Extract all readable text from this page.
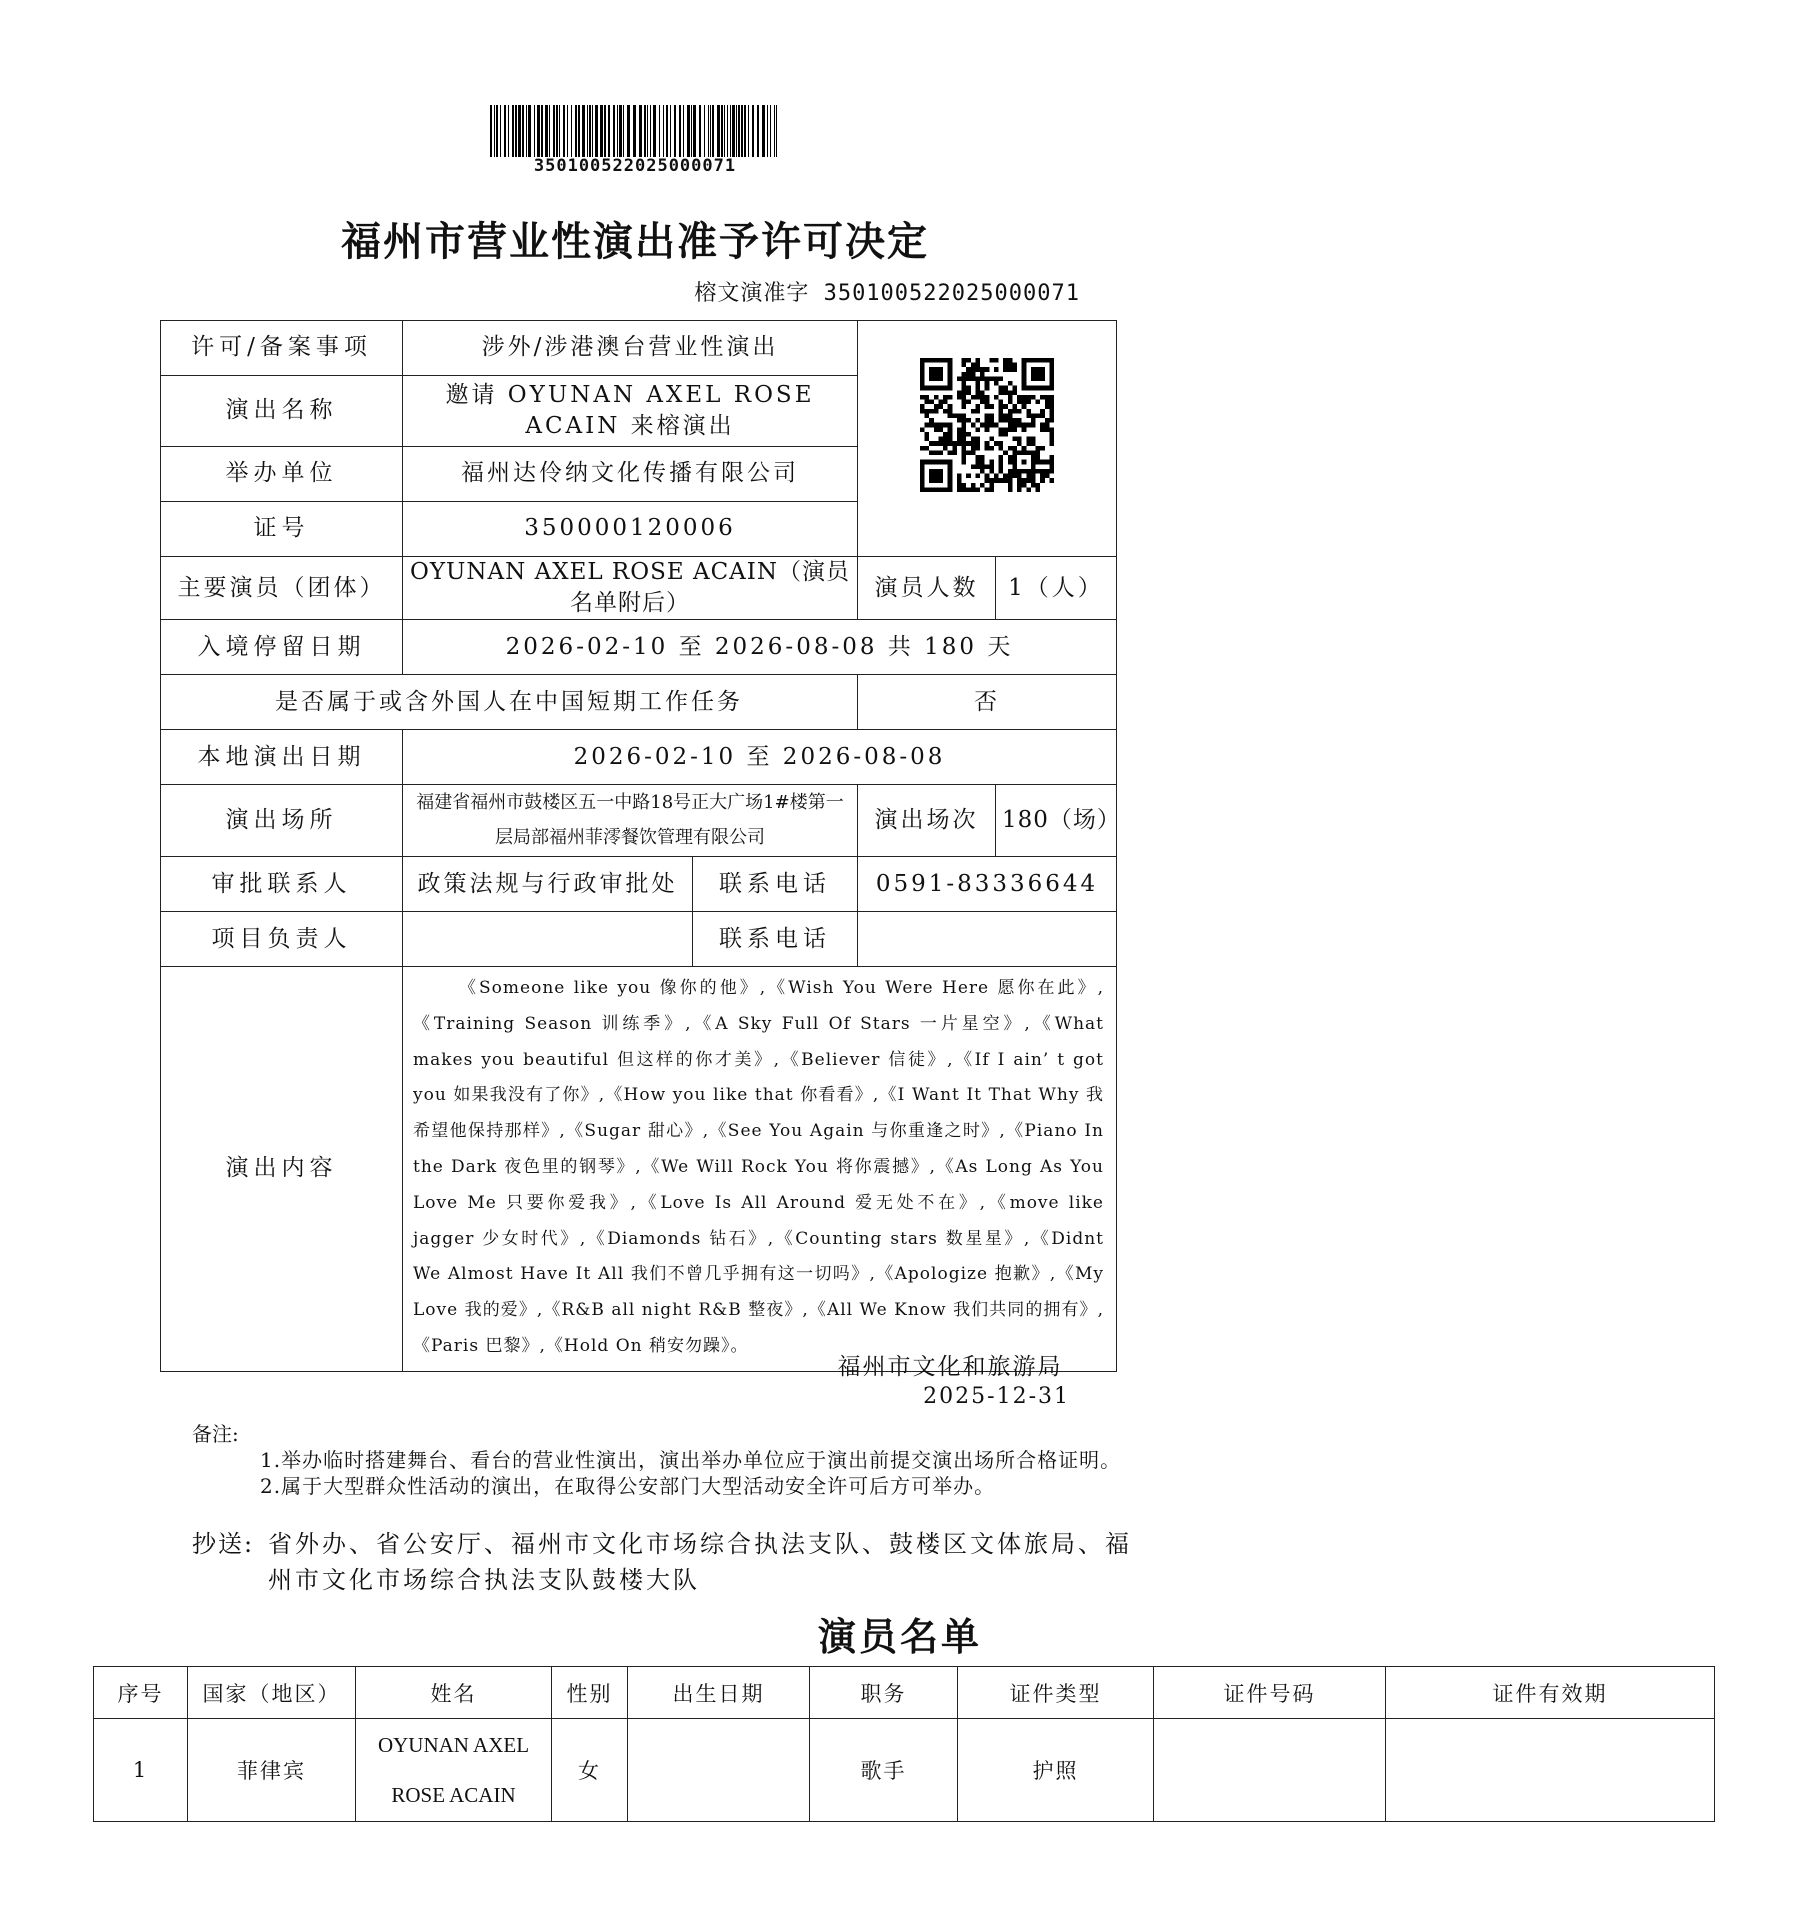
350100522025000071
福州市营业性演出准予许可决定
榕文演准字 350100522025000071
许可/备案事项	涉外/涉港澳台营业性演出	

演出名称	邀请 OYUNAN AXEL ROSE ACAIN 来榕演出			
举办单位	福州达伶纳文化传播有限公司			
证号	350000120006			
主要演员（团体）	OYUNAN AXEL ROSE ACAIN（演员名单附后）		演员人数	1（人）
入境停留日期	2026-02-10 至 2026-08-08 共 180 天			
是否属于或含外国人在中国短期工作任务			否	
本地演出日期	2026-02-10 至 2026-08-08			
演出场所	福建省福州市鼓楼区五一中路18号正大广场1#楼第一层局部福州菲澪餐饮管理有限公司		演出场次	180（场）
审批联系人	政策法规与行政审批处	联系电话	0591-83336644	
项目负责人		联系电话		
演出内容	《Someone like you 像你的他》,《Wish You Were Here 愿你在此》,《Training Season 训练季》,《A Sky Full Of Stars 一片星空》,《What makes you beautiful 但这样的你才美》,《Believer 信徒》,《If I ain’ t got you 如果我没有了你》,《How you like that 你看看》,《I Want It That Why 我希望他保持那样》,《Sugar 甜心》,《See You Again 与你重逢之时》,《Piano In the Dark 夜色里的钢琴》,《We Will Rock You 将你震撼》,《As Long As You Love Me 只要你爱我》,《Love Is All Around 爱无处不在》,《move like jagger 少女时代》,《Diamonds 钻石》,《Counting stars 数星星》,《Didnt We Almost Have It All 我们不曾几乎拥有这一切吗》,《Apologize 抱歉》,《My Love 我的爱》,《R&B all night R&B 整夜》,《All We Know 我们共同的拥有》,《Paris 巴黎》,《Hold On 稍安勿躁》。			
福州市文化和旅游局
2025-12-31
备注:
1.举办临时搭建舞台、看台的营业性演出，演出举办单位应于演出前提交演出场所合格证明。
2.属于大型群众性活动的演出，在取得公安部门大型活动安全许可后方可举办。
抄送: 省外办、省公安厅、福州市文化市场综合执法支队、鼓楼区文体旅局、福
州市文化市场综合执法支队鼓楼大队
演员名单
序号	国家（地区）	姓名	性别	出生日期	职务	证件类型	证件号码	证件有效期
1	菲律宾	OYUNAN AXEL ROSE ACAIN	女		歌手	护照		
